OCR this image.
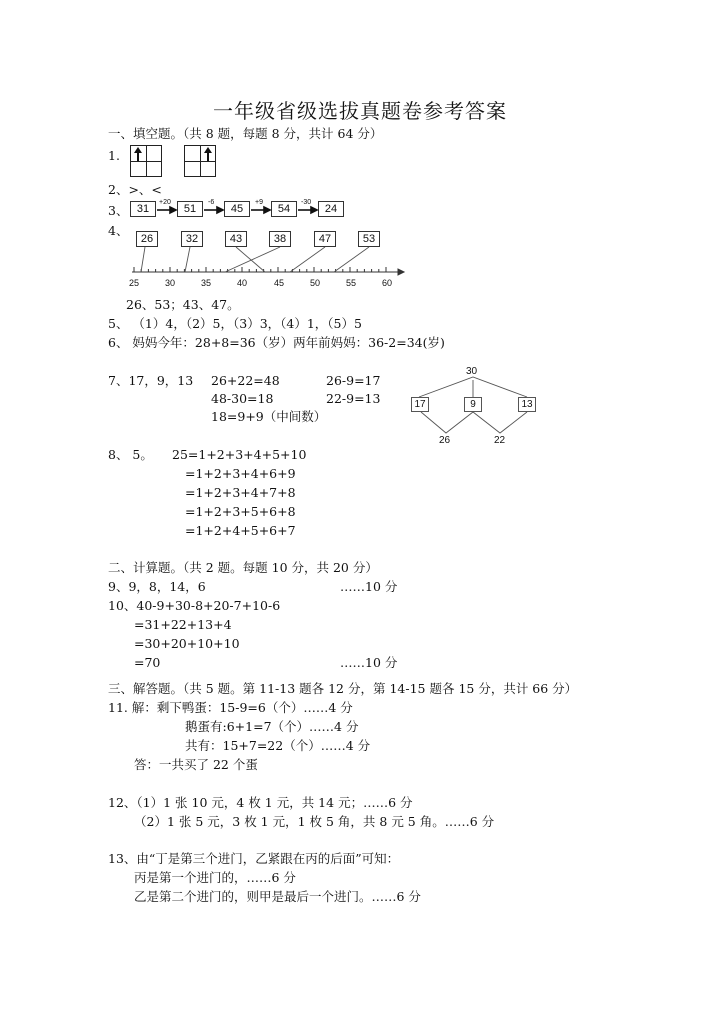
一年级省级选拔真题卷参考答案
一、填空题。（共 8 题，每题 8 分，共计 64 分）
1.
2、>、<
3、 31	51	45	54	24
+20	-6	+9	-30
4、
26	32	43	38	47	53
25	30	35	40	45	50	55	60
26、53；43、47。
5、 （1）4，（2）5，（3）3，（4）1，（5）5
6、 妈妈今年：28+8=36（岁）两年前妈妈：36-2=34(岁)
7、17，9，13 26+22=48
48-30=18
18=9+9（中间数）
26-9=17
22-9=13
30
17	9	13
26	22
8、 5。 25=1+2+3+4+5+10
=1+2+3+4+6+9
=1+2+3+4+7+8
=1+2+3+5+6+8
=1+2+4+5+6+7
二、计算题。（共 2 题。每题 10 分，共 20 分）
9、9，8，14，6	……10 分
10、40-9+30-8+20-7+10-6
=31+22+13+4
=30+20+10+10
=70	……10 分
三、解答题。（共 5 题。第 11-13 题各 12 分，第 14-15 题各 15 分，共计 66 分）
11. 解：剩下鸭蛋：15-9=6（个）……4 分
鹅蛋有:6+1=7（个）……4 分
共有：15+7=22（个）……4 分
答：一共买了 22 个蛋
12、（1）1 张 10 元，4 枚 1 元，共 14 元；……6 分
（2）1 张 5 元，3 枚 1 元，1 枚 5 角，共 8 元 5 角。……6 分
13、由“丁是第三个进门，乙紧跟在丙的后面”可知：
丙是第一个进门的，……6 分
乙是第二个进门的，则甲是最后一个进门。……6 分
